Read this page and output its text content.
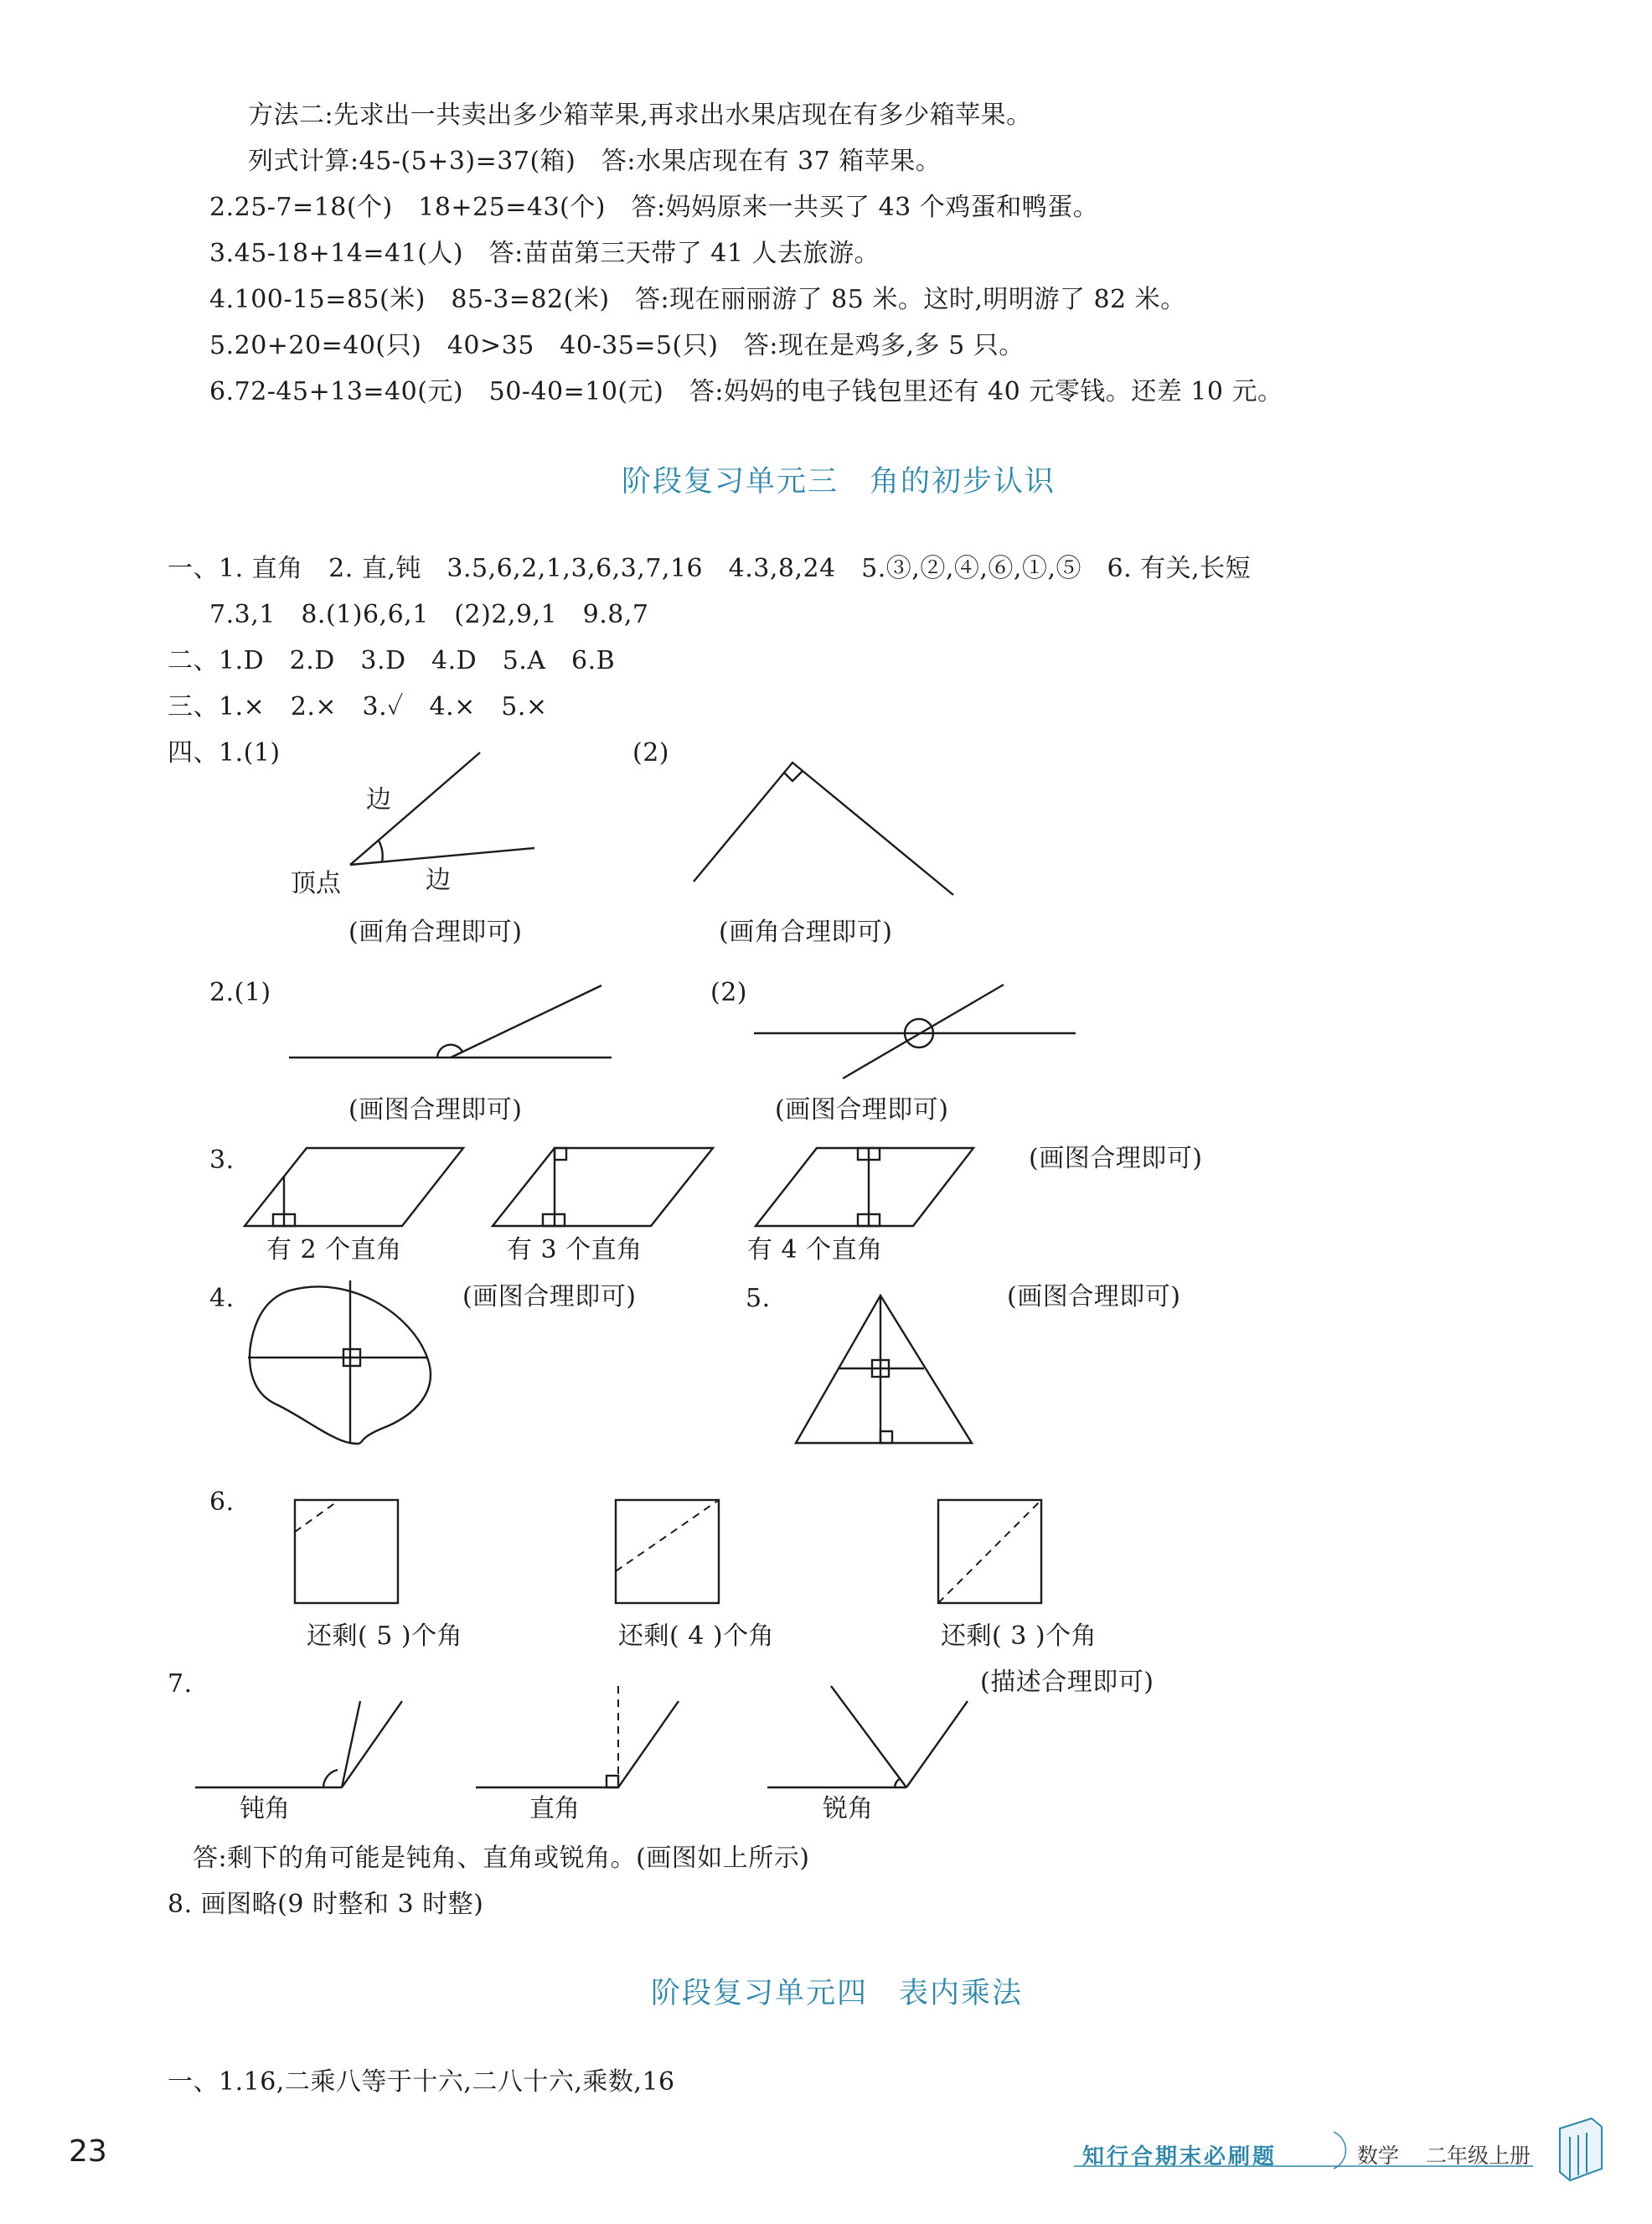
方法二:先求出一共卖出多少箱苹果,再求出水果店现在有多少箱苹果。
列式计算:45-(5+3)=37(箱)　答:水果店现在有 37 箱苹果。
2.25-7=18(个)　18+25=43(个)　答:妈妈原来一共买了 43 个鸡蛋和鸭蛋。
3.45-18+14=41(人)　答:苗苗第三天带了 41 人去旅游。
4.100-15=85(米)　85-3=82(米)　答:现在丽丽游了 85 米。这时,明明游了 82 米。
5.20+20=40(只)　40>35　40-35=5(只)　答:现在是鸡多,多 5 只。
6.72-45+13=40(元)　50-40=10(元)　答:妈妈的电子钱包里还有 40 元零钱。还差 10 元。
阶段复习单元三　角的初步认识
一、1. 直角　2. 直,钝　3.5,6,2,1,3,6,3,7,16　4.3,8,24　5.③,②,④,⑥,①,⑤　6. 有关,长短
7.3,1　8.(1)6,6,1　(2)2,9,1　9.8,7
二、1.D　2.D　3.D　4.D　5.A　6.B
三、1.×　2.×　3.✓　4.×　5.×
四、1.(1)	(2)
边
边
顶点
(画角合理即可)	(画角合理即可)
2.(1)	(2)
(画图合理即可)	(画图合理即可)
3.	(画图合理即可)
有 2 个直角	有 3 个直角	有 4 个直角
4.	(画图合理即可)	5.	(画图合理即可)
6.
还剩( 5 )个角	还剩( 4 )个角	还剩( 3 )个角
7.	(描述合理即可)
钝角	直角	锐角
答:剩下的角可能是钝角、直角或锐角。(画图如上所示)
8. 画图略(9 时整和 3 时整)
阶段复习单元四　表内乘法
一、1.16,二乘八等于十六,二八十六,乘数,16
23	知行合期末必刷题	数学 二年级上册
